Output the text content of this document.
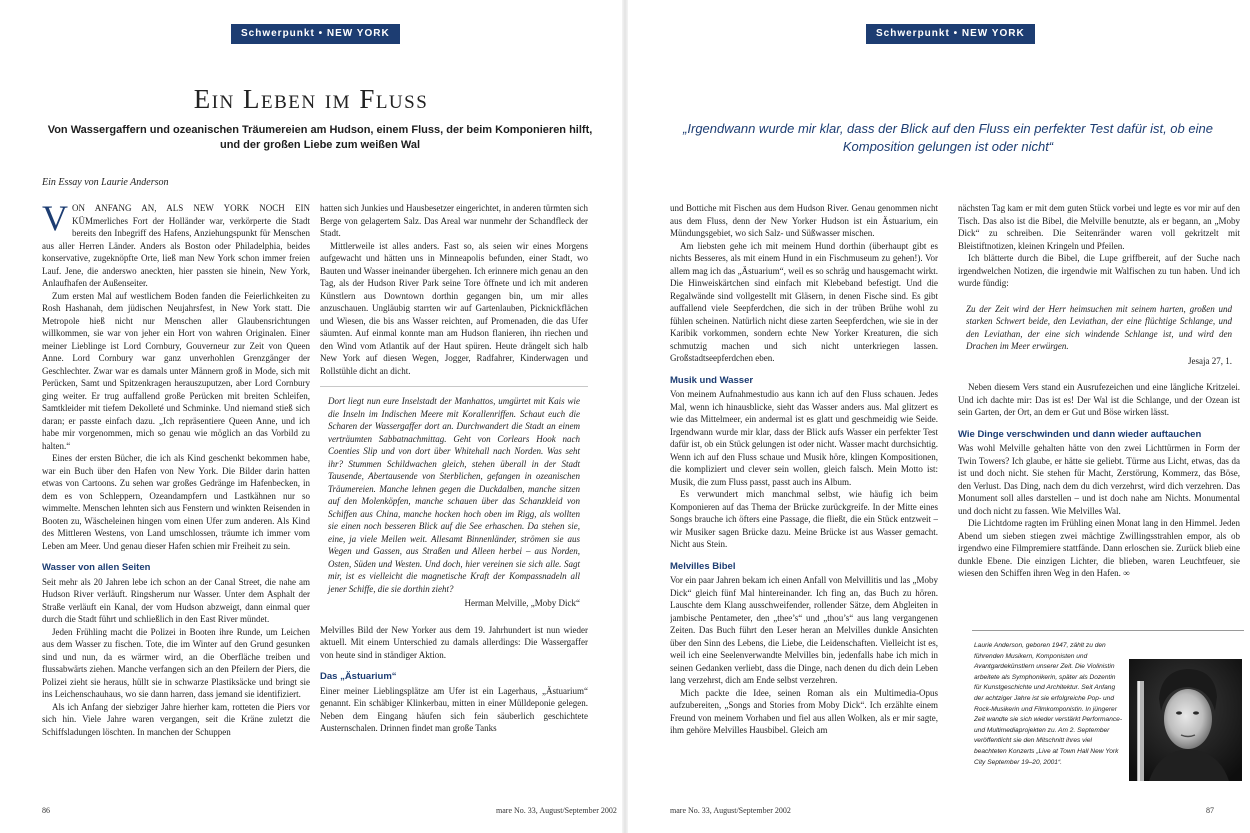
Schwerpunkt • NEW YORK
Ein Leben im Fluss
Von Wassergaffern und ozeanischen Träumereien am Hudson, einem Fluss, der beim Komponieren hilft, und der großen Liebe zum weißen Wal
Ein Essay von Laurie Anderson

VON ANFANG AN, ALS NEW YORK NOCH EIN KÜMmerliches Fort der Holländer war, verkörperte die Stadt bereits den Inbegriff des Hafens, Anziehungspunkt für Menschen aus aller Herren Länder. Anders als Boston oder Philadelphia, beides konservative, zugeknöpfte Orte, ließ man New York schon immer freien Lauf. Jene, die anderswo aneckten, hier passten sie hinein, New York, Anlaufhafen der Außenseiter.

Zum ersten Mal auf westlichem Boden fanden die Feierlichkeiten zu Rosh Hashanah, dem jüdischen Neujahrsfest, in New York statt. Die Metropole hieß nicht nur Menschen aller Glaubensrichtungen willkommen, sie war von jeher ein Hort von wahren Originalen. Einer meiner Lieblinge ist Lord Cornbury, Gouverneur zur Zeit von Queen Anne. Lord Cornbury war ganz unverhohlen Grenzgänger der Geschlechter. Zwar war es damals unter Männern groß in Mode, sich mit Perücken, Samt und Spitzenkragen herauszuputzen, aber Lord Cornbury ging weiter. Er trug auffallend große Perücken mit breiten Schleifen, Samtkleider mit tiefem Dekolleté und Schminke. Und niemand stieß sich daran; er passte einfach dazu. „Ich repräsentiere Queen Anne, und ich habe mir vorgenommen, mich so genau wie möglich an das Vorbild zu halten.“

Eines der ersten Bücher, die ich als Kind geschenkt bekommen habe, war ein Buch über den Hafen von New York. Die Bilder darin hatten etwas von Cartoons. Zu sehen war großes Gedränge im Hafenbecken, in dem es von Schleppern, Ozeandampfern und Lastkähnen nur so wimmelte. Menschen lehnten sich aus Fenstern und winkten Reisenden in Booten zu, Wäscheleinen hingen vom einen Ufer zum anderen. Als Kind des Mittleren Westens, von Land umschlossen, träumte ich immer vom Leben am Meer. Und genau dieser Hafen schien mir Freiheit zu sein.

Wasser von allen Seiten

Seit mehr als 20 Jahren lebe ich schon an der Canal Street, die nahe am Hudson River verläuft. Ringsherum nur Wasser. Unter dem Asphalt der Straße verläuft ein Kanal, der vom Hudson abzweigt, dann einmal quer durch die Stadt führt und schließlich in den East River mündet.

Jeden Frühling macht die Polizei in Booten ihre Runde, um Leichen aus dem Wasser zu fischen. Tote, die im Winter auf den Grund gesunken sind und nun, da es wärmer wird, an die Oberfläche treiben und flussabwärts ziehen. Manche verfangen sich an den Pfeilern der Piers, die Polizei zieht sie heraus, hüllt sie in schwarze Plastiksäcke und bringt sie ins Leichenschauhaus, wo sie dann harren, dass jemand sie identifiziert.

Als ich Anfang der siebziger Jahre hierher kam, rotteten die Piers vor sich hin. Viele Jahre waren vergangen, seit die Kräne zuletzt die Schiffsladungen löschten. In manchen der Schuppen

hatten sich Junkies und Hausbesetzer eingerichtet, in anderen türmten sich Berge von gelagertem Salz. Das Areal war nunmehr der Schandfleck der Stadt.

Mittlerweile ist alles anders. Fast so, als seien wir eines Morgens aufgewacht und hätten uns in Minneapolis befunden, einer Stadt, wo Bauten und Wasser ineinander übergehen. Ich erinnere mich genau an den Tag, als der Hudson River Park seine Tore öffnete und ich mit anderen Künstlern aus Downtown dorthin gegangen bin, um mir alles anzuschauen. Ungläubig starrten wir auf Gartenlauben, Picknickflächen und Wiesen, die bis ans Wasser reichten, auf Promenaden, die das Ufer säumten. Auf einmal konnte man am Hudson flanieren, ihn riechen und den Wind vom Atlantik auf der Haut spüren. Heute drängelt sich halb New York auf diesen Wegen, Jogger, Radfahrer, Kinderwagen und Rollstühle dicht an dicht.

Dort liegt nun eure Inselstadt der Manhattos, umgürtet mit Kais wie die Inseln im Indischen Meere mit Korallenriffen. Schaut euch die Scharen der Wassergaffer dort an. Durchwandert die Stadt an einem verträumten Sabbatnachmittag. Geht von Corlears Hook nach Coenties Slip und von dort über Whitehall nach Norden. Was seht ihr? Stummen Schildwachen gleich, stehen überall in der Stadt Tausende, Abertausende von Sterblichen, gefangen in ozeanischen Träumereien. Manche lehnen gegen die Duckdalben, manche sitzen auf den Molenköpfen, manche schauen über das Schanzkleid von Schiffen aus China, manche hocken hoch oben im Rigg, als wollten sie einen noch besseren Blick auf die See erhaschen. Da stehen sie, eine, ja viele Meilen weit. Allesamt Binnenländer, strömen sie aus Wegen und Gassen, aus Straßen und Alleen herbei – aus Norden, Osten, Süden und Westen. Und doch, hier vereinen sie sich alle. Sagt mir, ist es vielleicht die magnetische Kraft der Kompassnadeln all jener Schiffe, die sie dorthin zieht?

Herman Melville, „Moby Dick“

Melvilles Bild der New Yorker aus dem 19. Jahrhundert ist nun wieder aktuell. Mit einem Unterschied zu damals allerdings: Die Wassergaffer von heute sind in ständiger Aktion.

Das „Ästuarium“

Einer meiner Lieblingsplätze am Ufer ist ein Lagerhaus, „Ästuarium“ genannt. Ein schäbiger Klinkerbau, mitten in einer Mülldeponie gelegen. Neben dem Eingang häufen sich fein säuberlich geschichtete Austernschalen. Drinnen findet man große Tanks

86	mare No. 33, August/September 2002
Schwerpunkt • NEW YORK
„Irgendwann wurde mir klar, dass der Blick auf den Fluss ein perfekter Test dafür ist, ob eine Komposition gelungen ist oder nicht“

und Bottiche mit Fischen aus dem Hudson River. Genau genommen nicht aus dem Fluss, denn der New Yorker Hudson ist ein Ästuarium, ein Mündungsgebiet, wo sich Salz- und Süßwasser mischen.

Am liebsten gehe ich mit meinem Hund dorthin (überhaupt gibt es nichts Besseres, als mit einem Hund in ein Fischmuseum zu gehen!). Vor allem mag ich das „Ästuarium“, weil es so schräg und hausgemacht wirkt. Die Hinweiskärtchen sind einfach mit Klebeband befestigt. Und die Regalwände sind vollgestellt mit Gläsern, in denen Fische sind. Es gibt auffallend viele Seepferdchen, die sich in der trüben Brühe wohl zu fühlen scheinen. Natürlich nicht diese zarten Seepferdchen, wie sie in der Karibik vorkommen, sondern echte New Yorker Kreaturen, die sich schmutzig machen und sich nicht unterkriegen lassen. Großstadtseepferdchen eben.

Musik und Wasser

Von meinem Aufnahmestudio aus kann ich auf den Fluss schauen. Jedes Mal, wenn ich hinausblicke, sieht das Wasser anders aus. Mal glitzert es wie das Mittelmeer, ein andermal ist es glatt und geschmeidig wie Seide. Irgendwann wurde mir klar, dass der Blick aufs Wasser ein perfekter Test dafür ist, ob ein Stück gelungen ist oder nicht. Wasser macht durchsichtig. Wenn ich auf den Fluss schaue und Musik höre, klingen Kompositionen, die kompliziert und clever sein wollen, gleich falsch. Mein Motto ist: Musik, die zum Fluss passt, passt auch ins Album.

Es verwundert mich manchmal selbst, wie häufig ich beim Komponieren auf das Thema der Brücke zurückgreife. In der Mitte eines Songs brauche ich öfters eine Passage, die fließt, die ein Stück entzweit – wir Musiker sagen Brücke dazu. Meine Brücke ist aus Wasser gemacht. Nicht aus Stein.

Melvilles Bibel

Vor ein paar Jahren bekam ich einen Anfall von Melvillitis und las „Moby Dick“ gleich fünf Mal hintereinander. Ich fing an, das Buch zu hören. Lauschte dem Klang ausschweifender, rollender Sätze, dem Abgleiten in jambische Pentameter, den „thee’s“ und „thou’s“ aus lang vergangenen Zeiten. Das Buch führt den Leser heran an Melvilles dunkle Ansichten über den Sinn des Lebens, die Liebe, die Leidenschaften. Vielleicht ist es, weil ich eine Seelenverwandte Melvilles bin, jedenfalls habe ich mich in seinen Gedanken verliebt, dass die Dinge, nach denen du dich dein Leben lang verzehrst, dich am Ende selbst verzehren.

Mich packte die Idee, seinen Roman als ein Multimedia-Opus aufzubereiten, „Songs and Stories from Moby Dick“. Ich erzählte einem Freund von meinem Vorhaben und fiel aus allen Wolken, als er mir sagte, ihm gehöre Melvilles Hausbibel. Gleich am

nächsten Tag kam er mit dem guten Stück vorbei und legte es vor mir auf den Tisch. Das also ist die Bibel, die Melville benutzte, als er begann, an „Moby Dick“ zu schreiben. Die Seitenränder waren voll gekritzelt mit Bleistiftnotizen, kleinen Kringeln und Pfeilen.

Ich blätterte durch die Bibel, die Lupe griffbereit, auf der Suche nach irgendwelchen Notizen, die irgendwie mit Walfischen zu tun haben. Und ich wurde fündig:

Zu der Zeit wird der Herr heimsuchen mit seinem harten, großen und starken Schwert beide, den Leviathan, der eine flüchtige Schlange, und den Leviathan, der eine sich windende Schlange ist, und wird den Drachen im Meer erwürgen.

Jesaja 27, 1.

Neben diesem Vers stand ein Ausrufezeichen und eine längliche Kritzelei. Und ich dachte mir: Das ist es! Der Wal ist die Schlange, und der Ozean ist sein Garten, der Ort, an dem er Gut und Böse wirken lässt.

Wie Dinge verschwinden und dann wieder auftauchen

Was wohl Melville gehalten hätte von den zwei Lichttürmen in Form der Twin Towers? Ich glaube, er hätte sie geliebt. Türme aus Licht, etwas, das da ist und doch nicht. Sie stehen für Macht, Zerstörung, Kommerz, das Böse, den Verlust. Das Ding, nach dem du dich verzehrst, wird dich verzehren. Das Monument soll alles darstellen – und ist doch nahe am Nichts. Monumental und doch nicht zu fassen. Wie Melvilles Wal.

Die Lichtdome ragten im Frühling einen Monat lang in den Himmel. Jeden Abend um sieben stiegen zwei mächtige Zwillingsstrahlen empor, als ob irgendwo eine Filmpremiere stattfände. Dann erloschen sie. Zurück blieb eine dunkle Ebene. Die einzigen Lichter, die blieben, waren Leuchtfeuer, sie wiesen den Schiffen ihren Weg in den Hafen. ∞

Laurie Anderson, geboren 1947, zählt zu den führenden Musikern, Komponisten und Avantgardekünstlern unserer Zeit. Die Violinistin arbeitete als Symphonikerin, später als Dozentin für Kunstgeschichte und Architektur. Seit Anfang der achtziger Jahre ist sie erfolgreiche Pop- und Rock-Musikerin und Filmkomponistin. In jüngerer Zeit wandte sie sich wieder verstärkt Performance- und Multimediaprojekten zu. Am 2. September veröffentlicht sie den Mitschnitt ihres viel beachteten Konzerts „Live at Town Hall New York City September 19–20, 2001“.
mare No. 33, August/September 2002	87
